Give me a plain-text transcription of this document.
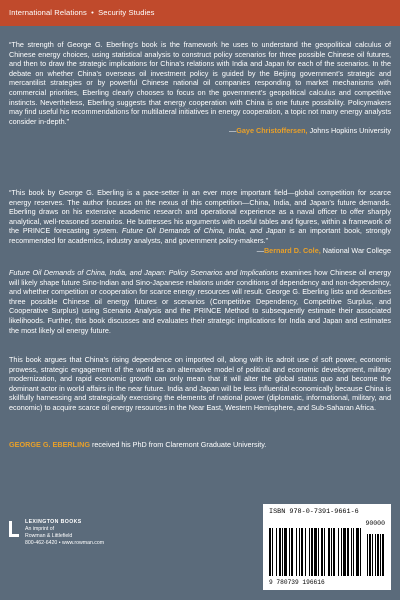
International Relations • Security Studies

“The strength of George G. Eberling’s book is the framework he uses to understand the geopolitical calculus of Chinese energy choices, using statistical analysis to construct policy scenarios for three possible Chinese oil futures, and then to draw the strategic implications for China’s relations with India and Japan for each of the scenarios. In the debate on whether China’s overseas oil investment policy is guided by the Beijing government’s strategic and mercantilist strategies or by powerful Chinese national oil companies responding to market mechanisms with commercial priorities, Eberling clearly chooses to focus on the government’s geopolitical calculus and competitive instincts. Nevertheless, Eberling suggests that energy cooperation with China is one future possibility. Policymakers may find useful his recommendations for multilateral initiatives in energy cooperation, a topic not many energy analysts consider in-depth.”

—Gaye Christoffersen, Johns Hopkins University

“This book by George G. Eberling is a pace-setter in an ever more important field—global competition for scarce energy reserves. The author focuses on the nexus of this competition—China, India, and Japan’s future demands. Eberling draws on his extensive academic research and operational experience as a naval officer to offer sharply analytical, well-reasoned scenarios. He buttresses his arguments with useful tables and figures, within a framework of the PRINCE forecasting system. Future Oil Demands of China, India, and Japan is an important book, strongly recommended for academics, industry analysts, and government policy-makers.”

—Bernard D. Cole, National War College

Future Oil Demands of China, India, and Japan: Policy Scenarios and Implications examines how Chinese oil energy will likely shape future Sino-Indian and Sino-Japanese relations under conditions of dependency and non-dependency, and whether competition or cooperation for scarce energy resources will result. George G. Eberling lists and describes three possible Chinese oil energy futures or scenarios (Competitive Dependency, Competitive Surplus, and Cooperative Surplus) using Scenario Analysis and the PRINCE Method to subsequently estimate their associated likelihoods. Further, this book discusses and evaluates their strategic implications for India and Japan and estimates the most likely oil energy future.

This book argues that China’s rising dependence on imported oil, along with its adroit use of soft power, economic prowess, strategic engagement of the world as an alternative model of political and economic development, military modernization, and rapid economic growth can only mean that it will alter the global status quo and become the dominant actor in world affairs in the near future. India and Japan will be less influential economically because China is skillfully harnessing and strategically exercising the elements of national power (diplomatic, informational, military, and economic) to acquire scarce oil energy resources in the Near East, Western Hemisphere, and Sub-Saharan Africa.

GEORGE G. EBERLING received his PhD from Claremont Graduate University.

LEXINGTON BOOKS
An imprint of
Rowman & Littlefield
800-462-6420 • www.rowman.com
ISBN 978-0-7391-9661-6
90000
9 780739 196616
